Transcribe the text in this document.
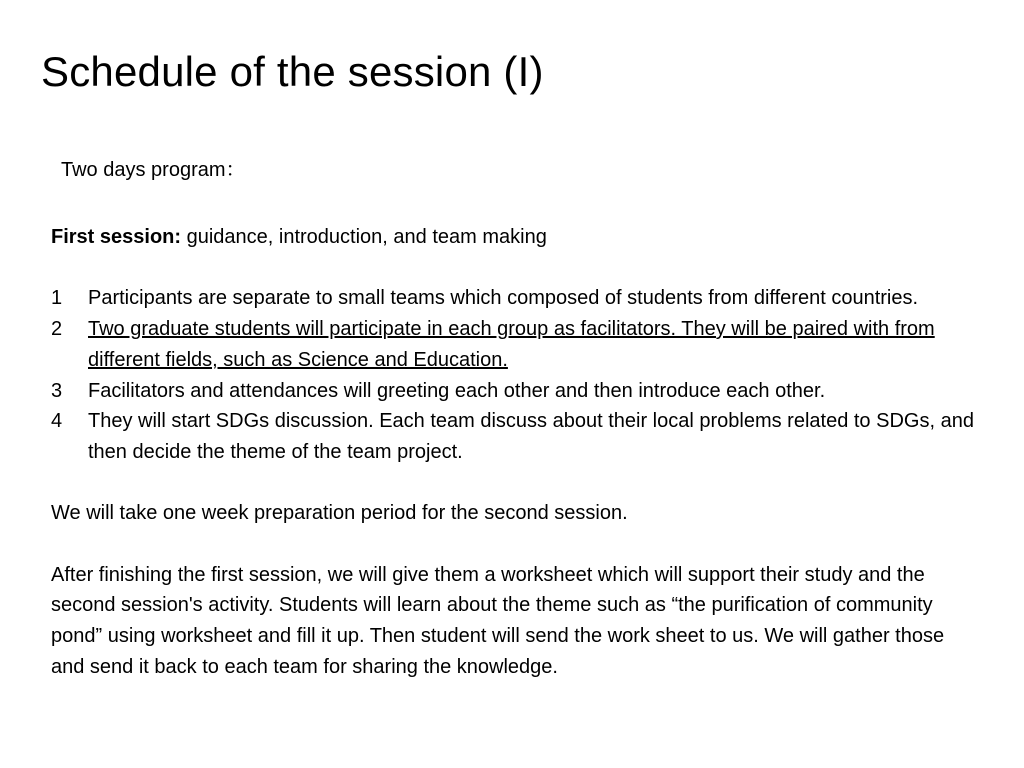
Schedule of the session (I)
Two days program：
First session: guidance, introduction, and team making
1 Participants are separate to small teams which composed of students from different countries.
2 Two graduate students will participate in each group as facilitators. They will be paired with from different fields, such as Science and Education.
3 Facilitators and attendances will greeting each other and then introduce each other.
4 They will start SDGs discussion. Each team discuss about their local problems related to SDGs, and then decide the theme of the team project.
We will take one week preparation period for the second session.
After finishing the first session, we will give them a worksheet which will support their study and the second session's activity. Students will learn about the theme such as “the purification of community pond” using worksheet and fill it up. Then student will send the work sheet to us. We will gather those and send it back to each team for sharing the knowledge.
